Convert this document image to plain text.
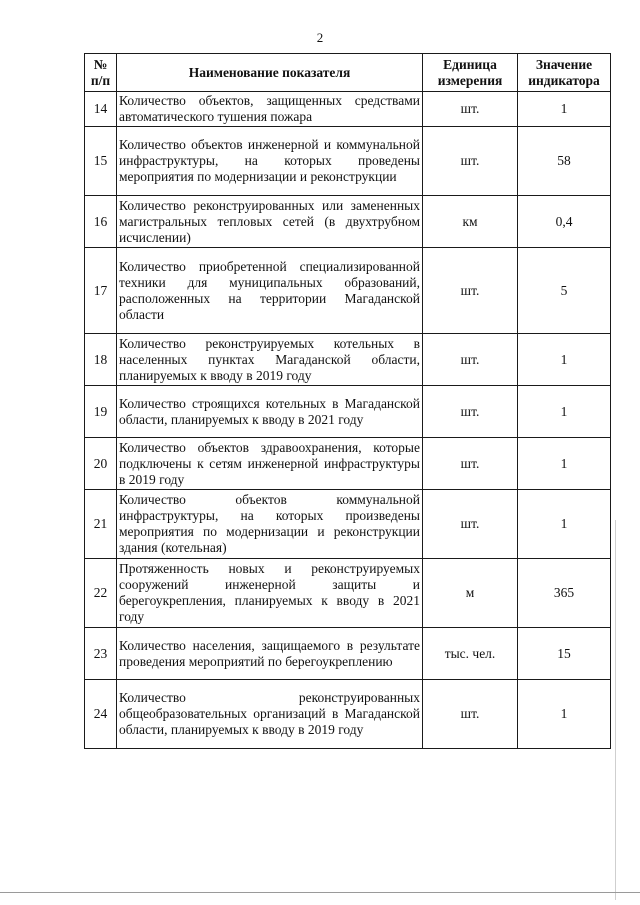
2
№ п/п	Наименование показателя	Единица измерения	Значение индикатора
14	Количество объектов, защищенных средствами автоматического тушения пожара	шт.	1
15	Количество объектов инженерной и коммунальной инфраструктуры, на которых проведены мероприятия по модернизации и реконструкции	шт.	58
16	Количество реконструированных или замененных магистральных тепловых сетей (в двухтрубном исчислении)	км	0,4
17	Количество приобретенной специализированной техники для муниципальных образований, расположенных на территории Магаданской области	шт.	5
18	Количество реконструируемых котельных в населенных пунктах Магаданской области, планируемых к вводу в 2019 году	шт.	1
19	Количество строящихся котельных в Магаданской области, планируемых к вводу в 2021 году	шт.	1
20	Количество объектов здравоохранения, которые подключены к сетям инженерной инфраструктуры в 2019 году	шт.	1
21	Количество объектов коммунальной инфраструктуры, на которых произведены мероприятия по модернизации и реконструкции здания (котельная)	шт.	1
22	Протяженность новых и реконструируемых сооружений инженерной защиты и берегоукрепления, планируемых к вводу в 2021 году	м	365
23	Количество населения, защищаемого в результате проведения мероприятий по берегоукреплению	тыс. чел.	15
24	Количество реконструированных общеобразовательных организаций в Магаданской области, планируемых к вводу в 2019 году	шт.	1
